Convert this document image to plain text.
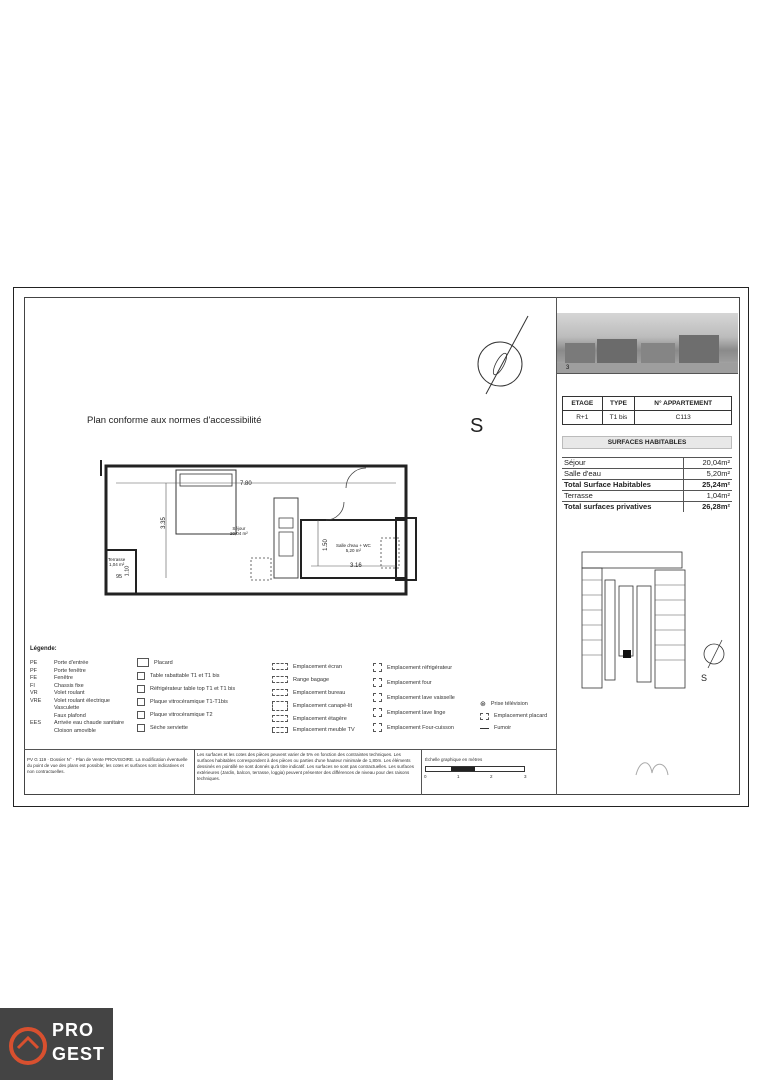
Plan conforme aux normes d'accessibilité	S
7.80
3.35
3.16
1.50
95
1.10
Séjour
20,04 m²
Salle d'eau + WC
5,20 m²
Terrasse
1,04 m²
3
ETAGE	TYPE	N° APPARTEMENT
R+1	T1 bis	C113
SURFACES HABITABLES
Séjour	20,04m²
Salle d'eau	5,20m²
Total Surface Habitables	25,24m²
Terrasse	1,04m²
Total surfaces privatives	26,28m²
S
Légende:
PE	Porte d'entrée
PF	Porte fenêtre
FE	Fenêtre
FI	Chassis fixe
VR	Volet roulant
VRE	Volet roulant électrique
Vasculette
Faux plafond
EES	Arrivée eau chaude sanitaire
Cloison amovible
Placard
Table rabattable T1 et T1 bis
Réfrigérateur table top T1 et T1 bis
Plaque vitrocéramique T1-T1bis
Plaque vitrocéramique T2
Sèche serviette
Emplacement écran
Range bagage
Emplacement bureau
Emplacement canapé-lit
Emplacement étagère
Emplacement meuble TV
Emplacement réfrigérateur
Emplacement four
Emplacement lave vaisselle
Emplacement lave linge
Emplacement Four-cuisson
⊛ Prise télévision
Emplacement placard
Fumoir
PV G 119 · Dossier N° · Plan de Vente PROVISOIRE. La modification éventuelle du point de vue des plans est possible; les cotes et surfaces sont indicatives et non contractuelles.
Les surfaces et les cotes des pièces peuvent varier de 5% en fonction des contraintes techniques. Les surfaces habitables correspondent à des pièces ou parties d'une hauteur minimale de 1,80m. Les éléments dessinés en pointillé ne sont donnés qu'à titre indicatif. Les surfaces ne sont pas contractuelles. Les surfaces extérieures (Jardin, balcon, terrasse, loggia) peuvent présenter des différences de niveau pour des raisons techniques.
Échelle graphique en mètres
0	1	2	3
PRO
GEST
